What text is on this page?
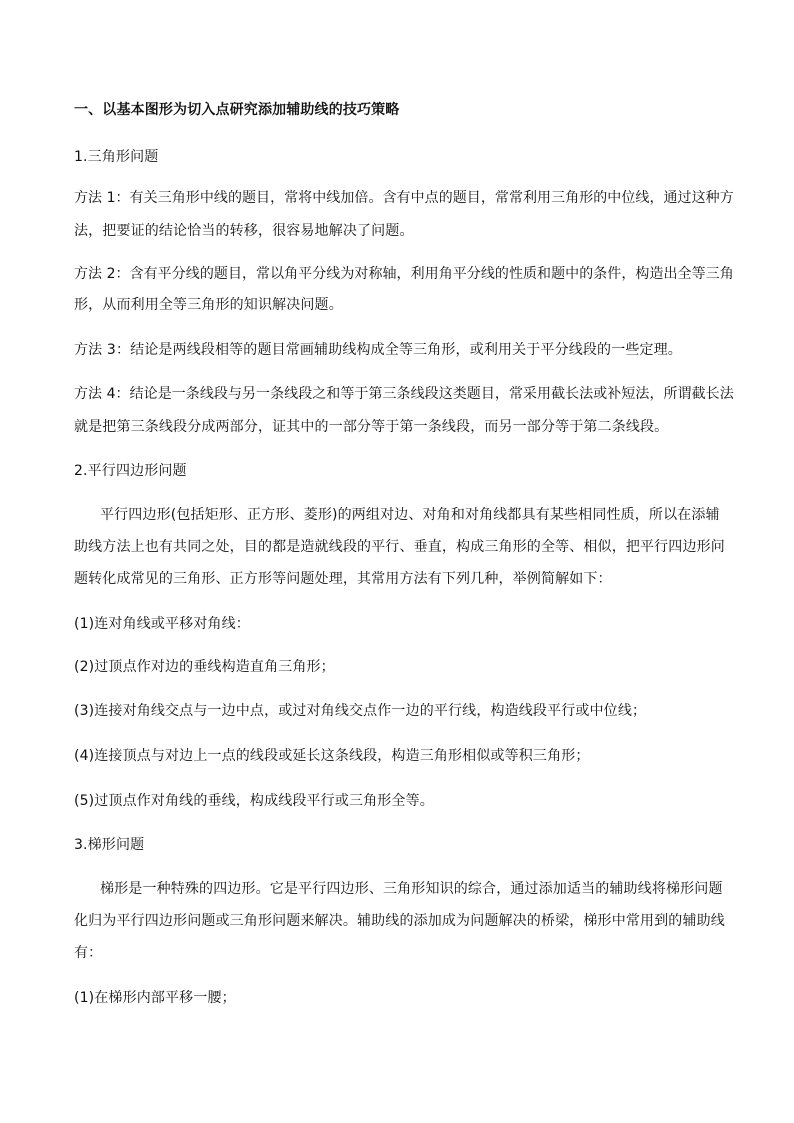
一、以基本图形为切入点研究添加辅助线的技巧策略
1.三角形问题
方法 1：有关三角形中线的题目，常将中线加倍。含有中点的题目，常常利用三角形的中位线，通过这种方
法，把要证的结论恰当的转移，很容易地解决了问题。
方法 2：含有平分线的题目，常以角平分线为对称轴，利用角平分线的性质和题中的条件，构造出全等三角
形，从而利用全等三角形的知识解决问题。
方法 3：结论是两线段相等的题目常画辅助线构成全等三角形，或利用关于平分线段的一些定理。
方法 4：结论是一条线段与另一条线段之和等于第三条线段这类题目，常采用截长法或补短法，所谓截长法
就是把第三条线段分成两部分，证其中的一部分等于第一条线段，而另一部分等于第二条线段。
2.平行四边形问题
平行四边形(包括矩形、正方形、菱形)的两组对边、对角和对角线都具有某些相同性质，所以在添辅
助线方法上也有共同之处，目的都是造就线段的平行、垂直，构成三角形的全等、相似，把平行四边形问
题转化成常见的三角形、正方形等问题处理，其常用方法有下列几种，举例简解如下：
(1)连对角线或平移对角线：
(2)过顶点作对边的垂线构造直角三角形；
(3)连接对角线交点与一边中点，或过对角线交点作一边的平行线，构造线段平行或中位线；
(4)连接顶点与对边上一点的线段或延长这条线段，构造三角形相似或等积三角形；
(5)过顶点作对角线的垂线，构成线段平行或三角形全等。
3.梯形问题
梯形是一种特殊的四边形。它是平行四边形、三角形知识的综合，通过添加适当的辅助线将梯形问题
化归为平行四边形问题或三角形问题来解决。辅助线的添加成为问题解决的桥梁，梯形中常用到的辅助线
有：
(1)在梯形内部平移一腰；
